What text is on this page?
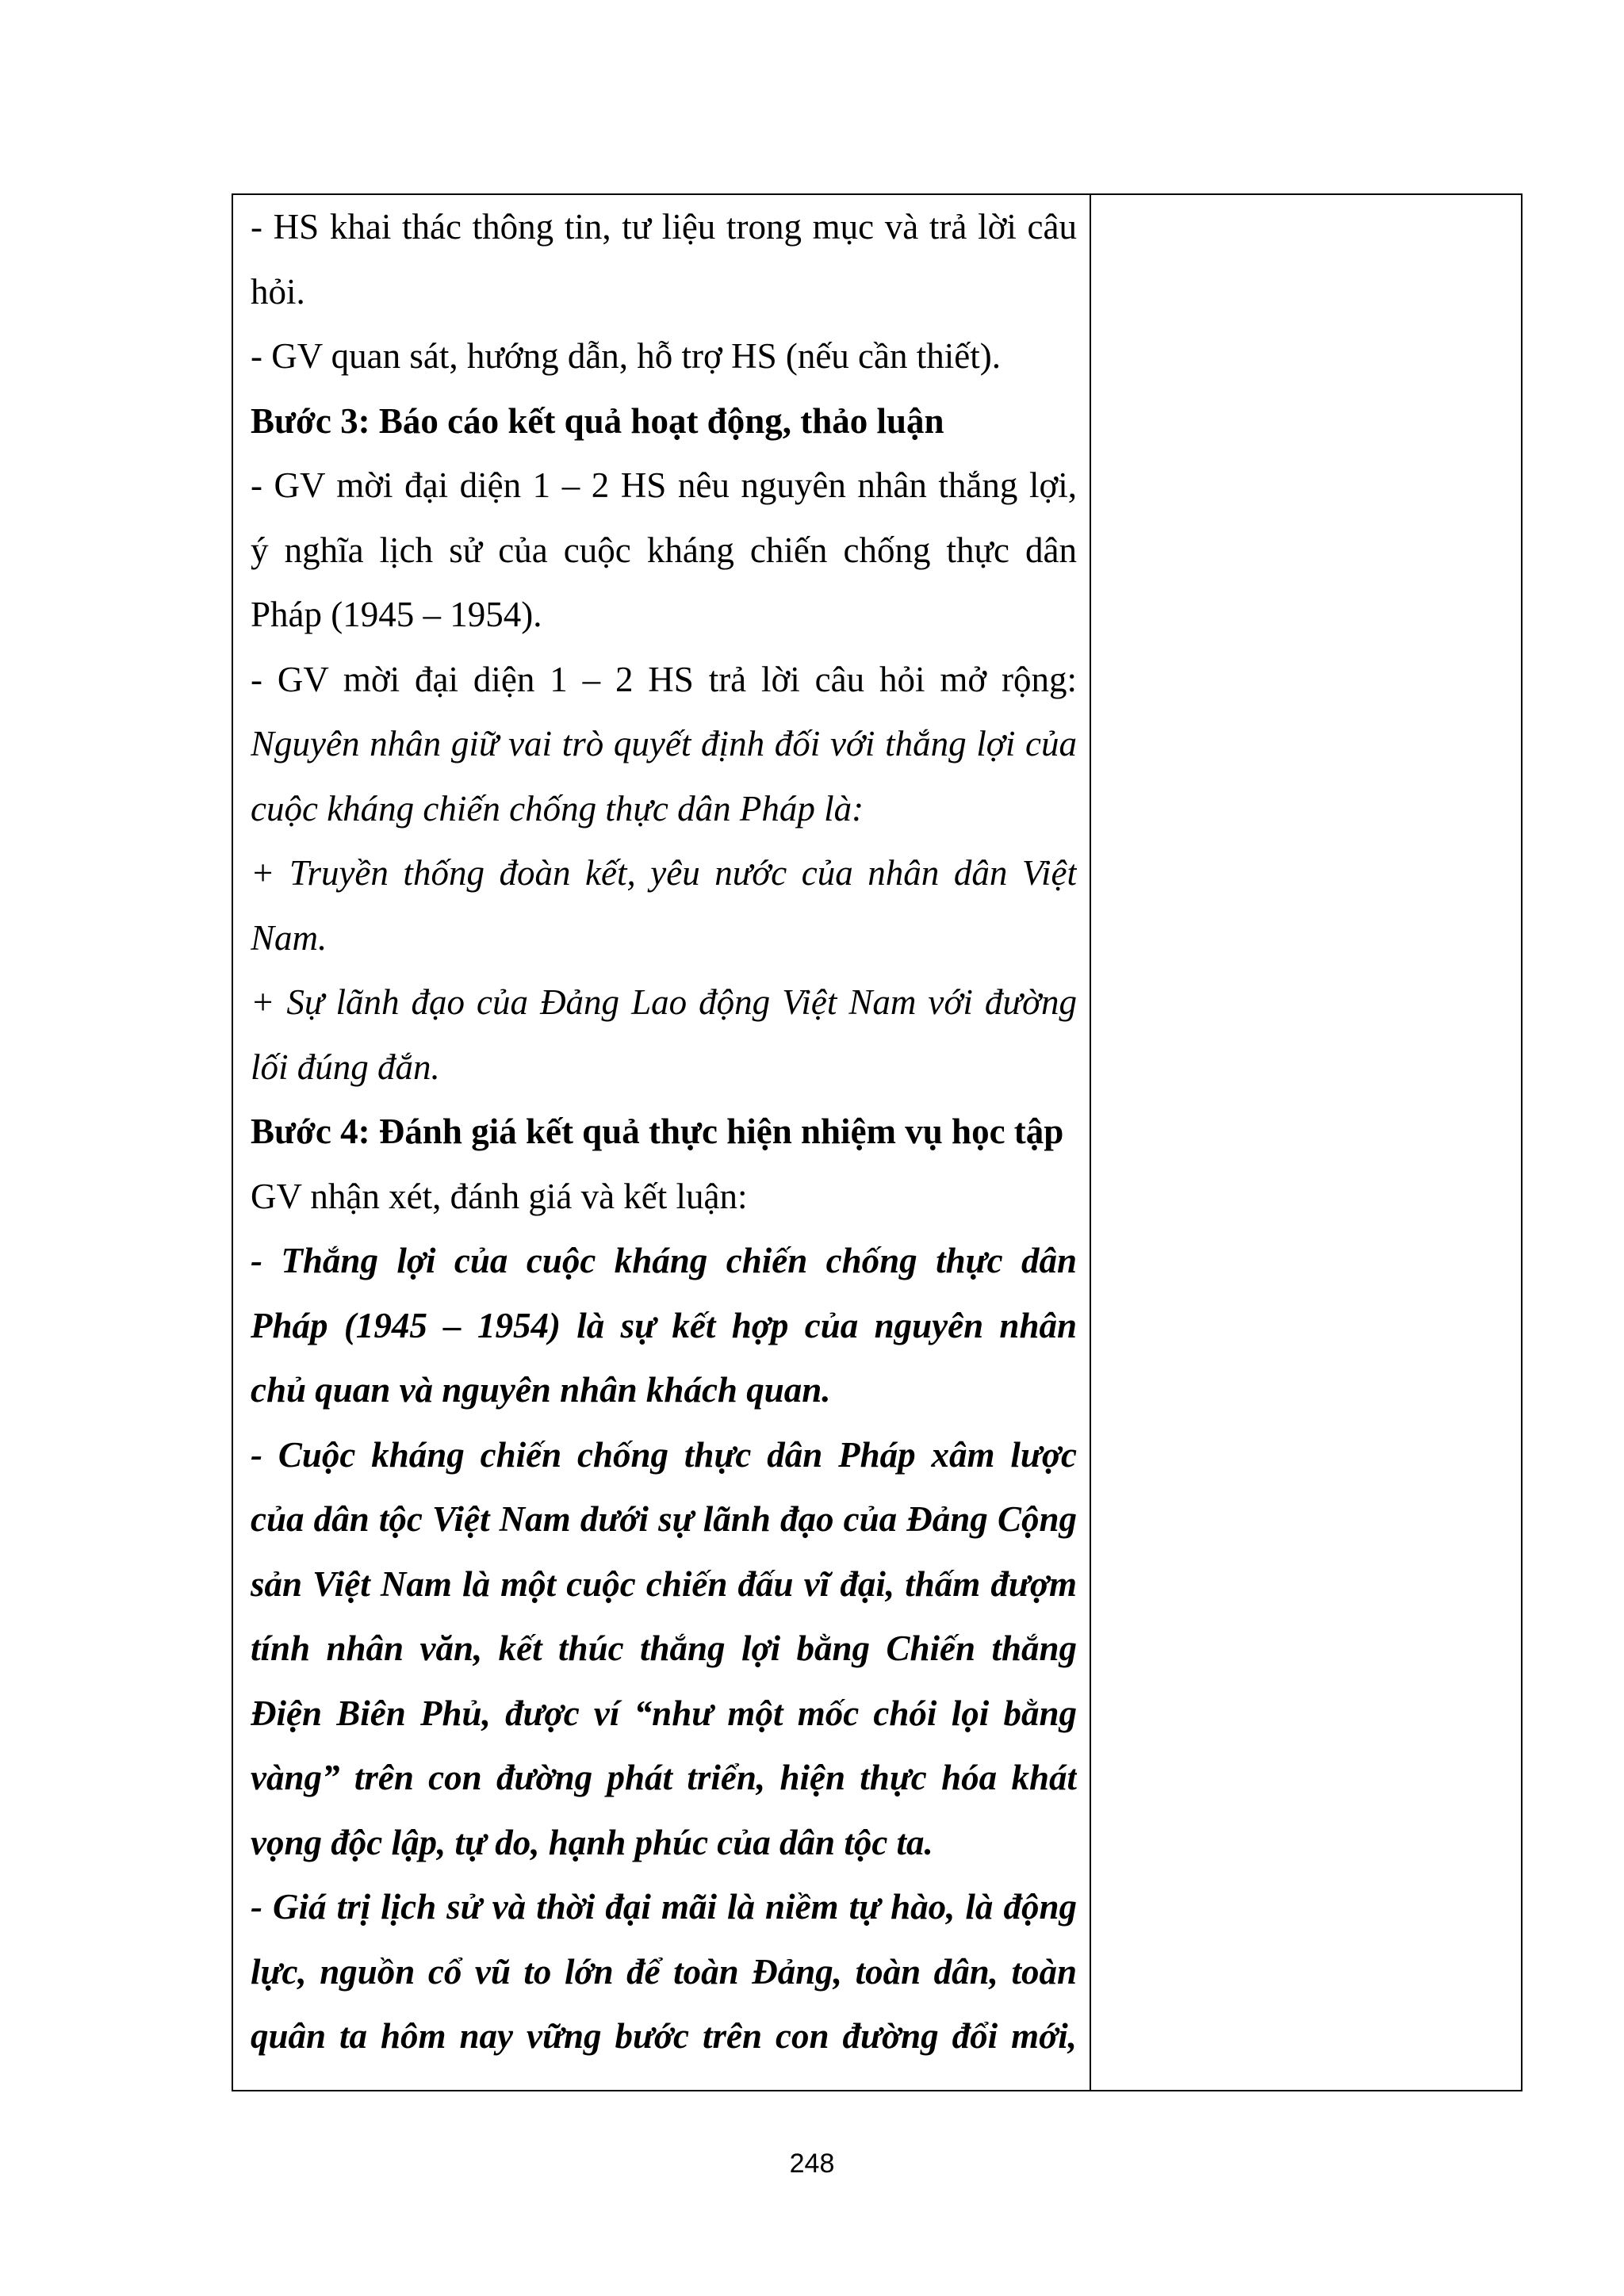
- HS khai thác thông tin, tư liệu trong mục và trả lời câu
hỏi.
- GV quan sát, hướng dẫn, hỗ trợ HS (nếu cần thiết).
Bước 3: Báo cáo kết quả hoạt động, thảo luận
- GV mời đại diện 1 – 2 HS nêu nguyên nhân thắng lợi,
ý nghĩa lịch sử của cuộc kháng chiến chống thực dân
Pháp (1945 – 1954).
- GV mời đại diện 1 – 2 HS trả lời câu hỏi mở rộng:
Nguyên nhân giữ vai trò quyết định đối với thắng lợi của
cuộc kháng chiến chống thực dân Pháp là:
+ Truyền thống đoàn kết, yêu nước của nhân dân Việt
Nam.
+ Sự lãnh đạo của Đảng Lao động Việt Nam với đường
lối đúng đắn.
Bước 4: Đánh giá kết quả thực hiện nhiệm vụ học tập
GV nhận xét, đánh giá và kết luận:
- Thắng lợi của cuộc kháng chiến chống thực dân
Pháp (1945 – 1954) là sự kết hợp của nguyên nhân
chủ quan và nguyên nhân khách quan.
- Cuộc kháng chiến chống thực dân Pháp xâm lược
của dân tộc Việt Nam dưới sự lãnh đạo của Đảng Cộng
sản Việt Nam là một cuộc chiến đấu vĩ đại, thấm đượm
tính nhân văn, kết thúc thắng lợi bằng Chiến thắng
Điện Biên Phủ, được ví “như một mốc chói lọi bằng
vàng” trên con đường phát triển, hiện thực hóa khát
vọng độc lập, tự do, hạnh phúc của dân tộc ta.
- Giá trị lịch sử và thời đại mãi là niềm tự hào, là động
lực, nguồn cổ vũ to lớn để toàn Đảng, toàn dân, toàn
quân ta hôm nay vững bước trên con đường đổi mới,
248
